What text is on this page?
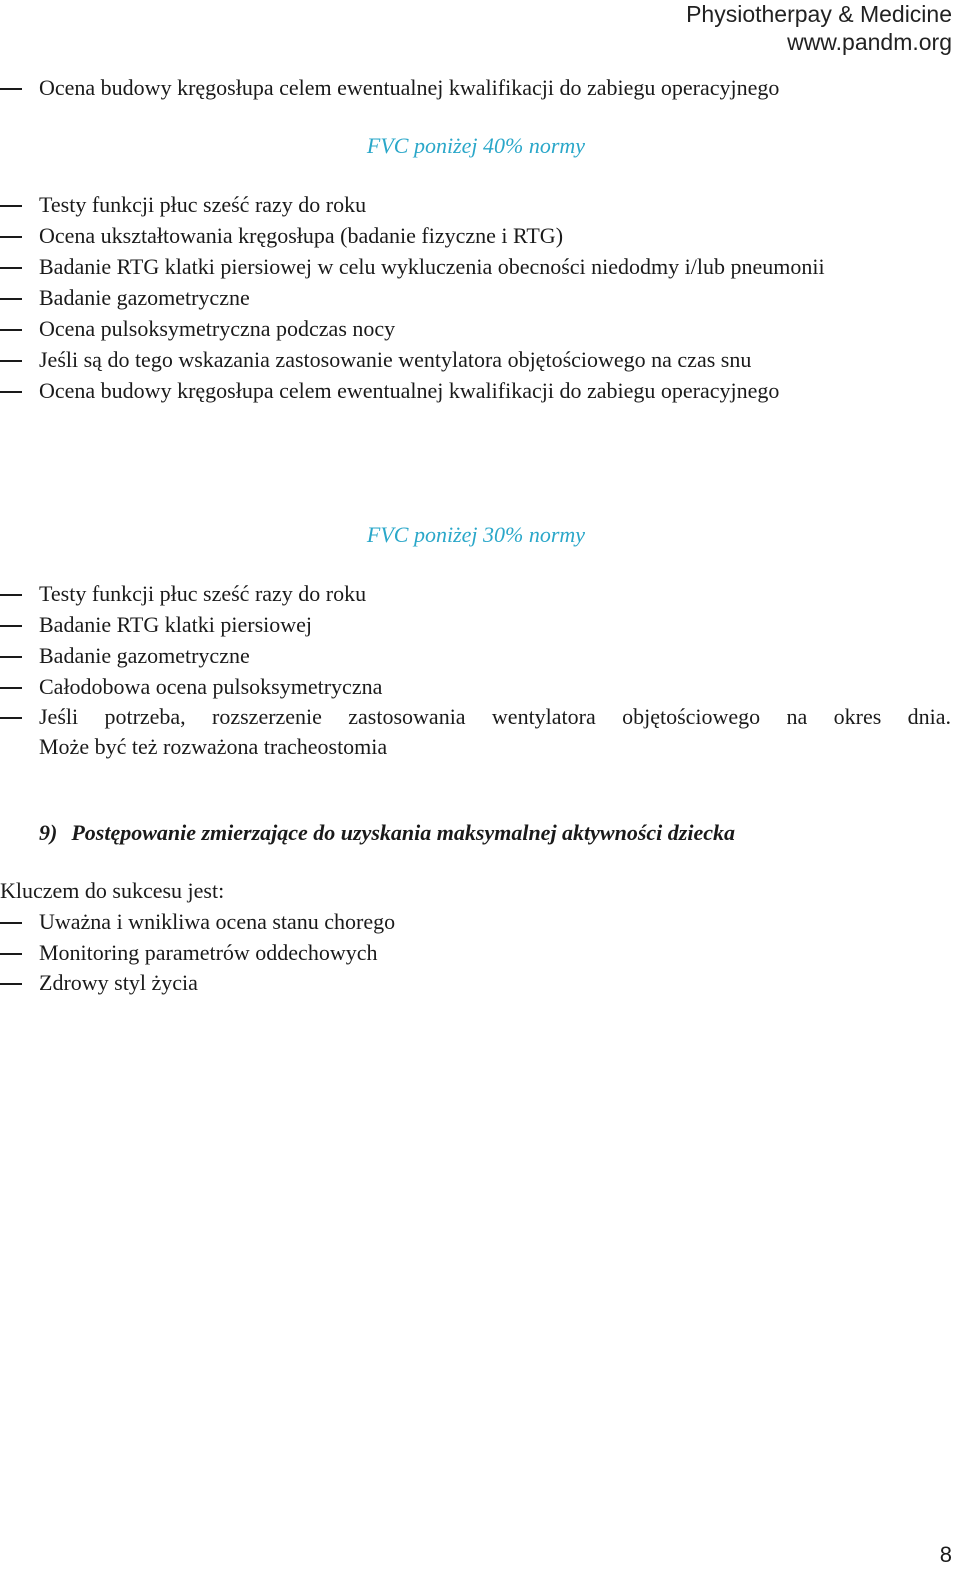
Physiotherpay & Medicine
www.pandm.org
Ocena budowy kręgosłupa celem ewentualnej kwalifikacji do zabiegu operacyjnego
FVC poniżej 40% normy
Testy funkcji płuc sześć razy do roku
Ocena ukształtowania kręgosłupa (badanie fizyczne i RTG)
Badanie RTG klatki piersiowej w celu wykluczenia obecności niedodmy i/lub pneumonii
Badanie gazometryczne
Ocena pulsoksymetryczna podczas nocy
Jeśli są do tego wskazania zastosowanie wentylatora objętościowego na czas snu
Ocena budowy kręgosłupa celem ewentualnej kwalifikacji do zabiegu operacyjnego
FVC poniżej 30% normy
Testy funkcji płuc sześć razy do roku
Badanie RTG klatki piersiowej
Badanie gazometryczne
Całodobowa ocena pulsoksymetryczna
Jeśli potrzeba, rozszerzenie zastosowania wentylatora objętościowego na okres dnia.
Może być też rozważona tracheostomia
9) Postępowanie zmierzające do uzyskania maksymalnej aktywności dziecka
Kluczem do sukcesu jest:
Uważna i wnikliwa ocena stanu chorego
Monitoring parametrów oddechowych
Zdrowy styl życia
8
